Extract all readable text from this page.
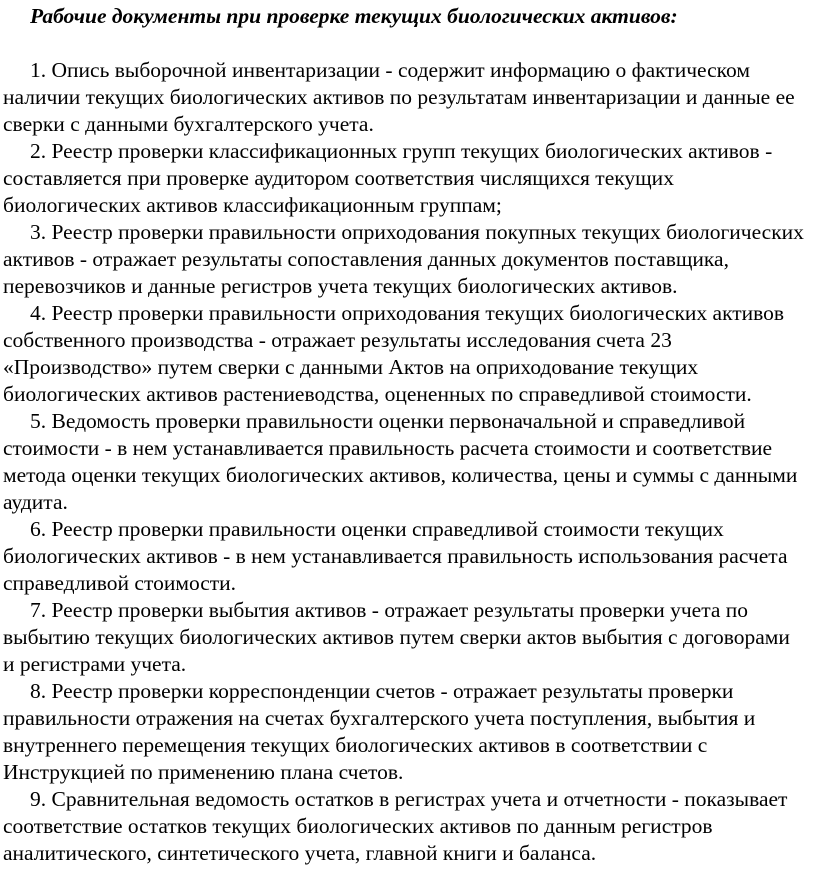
Рабочие документы при проверке текущих биологических активов:

1. Опись выборочной инвентаризации - содержит информацию о фактическом наличии текущих биологических активов по результатам инвентаризации и данные ее сверки с данными бухгалтерского учета.

2. Реестр проверки классификационных групп текущих биологических активов - составляется при проверке аудитором соответствия числящихся текущих биологических активов классификационным группам;

3. Реестр проверки правильности оприходования покупных текущих биологических активов - отражает результаты сопоставления данных документов поставщика, перевозчиков и данные регистров учета текущих биологических активов.

4. Реестр проверки правильности оприходования текущих биологических активов собственного производства - отражает результаты исследования счета 23 «Производство» путем сверки с данными Актов на оприходование текущих биологических активов растениеводства, оцененных по справедливой стоимости.

5. Ведомость проверки правильности оценки первоначальной и справедливой стоимости - в нем устанавливается правильность расчета стоимости и соответствие метода оценки текущих биологических активов, количества, цены и суммы с данными аудита.

6. Реестр проверки правильности оценки справедливой стоимости текущих биологических активов - в нем устанавливается правильность использования расчета справедливой стоимости.

7. Реестр проверки выбытия активов - отражает результаты проверки учета по выбытию текущих биологических активов путем сверки актов выбытия с договорами и регистрами учета.

8. Реестр проверки корреспонденции счетов - отражает результаты проверки правильности отражения на счетах бухгалтерского учета поступления, выбытия и внутреннего перемещения текущих биологических активов в соответствии с Инструкцией по применению плана счетов.

9. Сравнительная ведомость остатков в регистрах учета и отчетности - показывает соответствие остатков текущих биологических активов по данным регистров аналитического, синтетического учета, главной книги и баланса.
